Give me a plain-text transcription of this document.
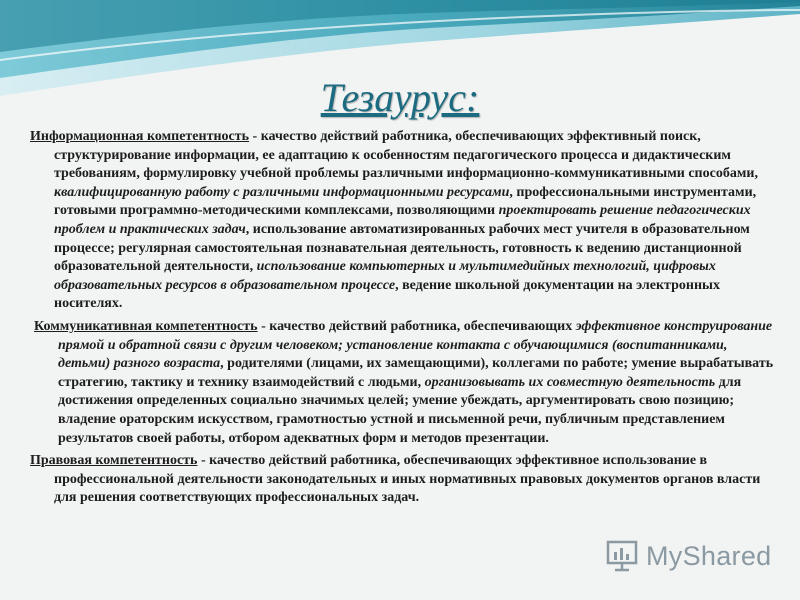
Тезаурус:
Информационная компетентность - качество действий работника, обеспечивающих эффективный поиск, структурирование информации, ее адаптацию к особенностям педагогического процесса и дидактическим требованиям, формулировку учебной проблемы различными информационно-коммуникативными способами, квалифицированную работу с различными информационными ресурсами, профессиональными инструментами, готовыми программно-методическими комплексами, позволяющими проектировать решение педагогических проблем и практических задач, использование автоматизированных рабочих мест учителя в образовательном процессе; регулярная самостоятельная познавательная деятельность, готовность к ведению дистанционной образовательной деятельности, использование компьютерных и мультимедийных технологий, цифровых образовательных ресурсов в образовательном процессе, ведение школьной документации на электронных носителях.
Коммуникативная компетентность - качество действий работника, обеспечивающих эффективное конструирование прямой и обратной связи с другим человеком; установление контакта с обучающимися (воспитанниками, детьми) разного возраста, родителями (лицами, их замещающими), коллегами по работе; умение вырабатывать стратегию, тактику и технику взаимодействий с людьми, организовывать их совместную деятельность для достижения определенных социально значимых целей; умение убеждать, аргументировать свою позицию; владение ораторским искусством, грамотностью устной и письменной речи, публичным представлением результатов своей работы, отбором адекватных форм и методов презентации.
Правовая компетентность - качество действий работника, обеспечивающих эффективное использование в профессиональной деятельности законодательных и иных нормативных правовых документов органов власти для решения соответствующих профессиональных задач.
MyShared
